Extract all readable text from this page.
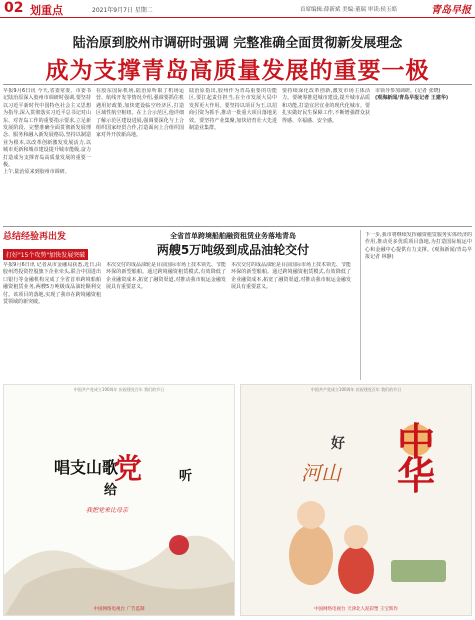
02 划重点	2021年9月7日 星期二	首席编辑:薛新斌 美编:董瑞 审读:侯玉皓	青岛早报
陆治原到胶州市调研时强调 完整准确全面贯彻新发展理念
成为支撑青岛高质量发展的重要一极

早报9月6日讯 今天,省委常委、市委书记陆治原深入胶州市调研时强调,要坚持以习近平新时代中国特色社会主义思想为指导,深入贯彻落实习近平总书记对山东、对青岛工作的重要指示要求,立足新发展阶段、完整准确全面贯彻新发展理念、服务和融入新发展格局,坚持以制造业为根本,以改革创新激发发展活力,以城市更新和城市建设提升城市能级,奋力打造成为支撑青岛高质量发展的重要一极。

上午,陆治原来到胶州市调研。

在胶东国际机场,陆治原听取了机场运营、航线开发等情况介绍,强调要抓住机遇用好政策,加快建设临空经济区,打造区域性航空枢纽。在上合示范区,他详细了解示范区建设进展,强调要深化与上合组织国家经贸合作,打造面向上合组织国家对外开放新高地。

陆治原指出,胶州作为青岛重要的功能区,要扛起责任担当,在全市发展大局中发挥更大作用。要坚持以项目为王,以招商引资为抓手,推动一批重大项目落地见效。要坚持产业集聚,加快培育壮大先进制造业集群。

要持续深化改革创新,激发市场主体活力。要统筹推进城市建设,提升城市品质和功能,打造宜居宜业的现代化城市。要扎实做好民生保障工作,不断增强群众获得感、幸福感、安全感。

市领导参加调研。(记者 张晓)

(观海新闻/青岛早报记者 王建华)

总结经验再出发
打好"15个攻势"加快发展突破
全省首单跨境船舶融资租赁业务落地青岛
两艘5万吨级到成品油轮交付

早报9月6日讯 记者从市金融局获悉,近日,由胶州湾投资控股旗下企业牵头,联合中国进出口银行等金融机构完成了全省首单跨境船舶融资租赁业务,两艘5万吨级成品油轮顺利交付。该项目的落地,实现了我市在跨境融资租赁领域的新突破。

本次交付的成品油轮是目前国际市场上技术领先、节能环保的新型船舶。通过跨境融资租赁模式,有效降低了企业融资成本,拓宽了融资渠道,对推动我市航运金融发展具有重要意义。

本次交付的成品油轮是目前国际市场上技术领先、节能环保的新型船舶。通过跨境融资租赁模式,有效降低了企业融资成本,拓宽了融资渠道,对推动我市航运金融发展具有重要意义。

下一步,我市将继续发挥融资租赁服务实体经济的作用,推动更多优质项目落地,为打造国际航运中心和金融中心提供有力支撑。(观海新闻/青岛早报记者 林静)

中国共产党成立100周年 庆祝建党百年 我们的节日
唱支山歌
给
党	听
我把党来比母亲
中国网络电视台 广告监制
中国共产党成立100周年 庆祝建党百年 我们的节日
好 中华
河山
中国网络电视台 天津北人泥彩塑 王宝辉作
